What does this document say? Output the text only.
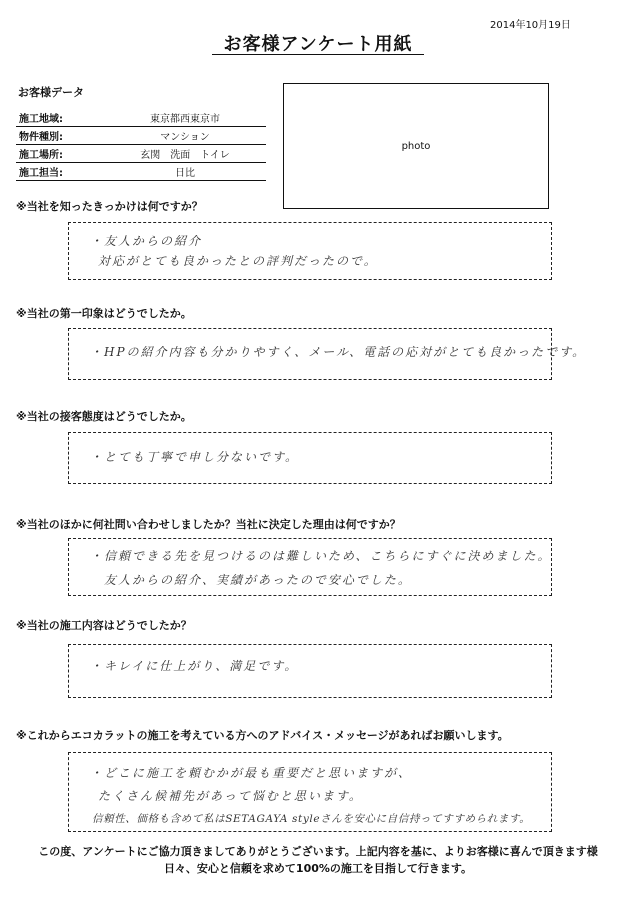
2014年10月19日
お客様アンケート用紙
お客様データ
施工地域:	東京都西東京市
物件種別:	マンション
施工場所:	玄関　洗面　トイレ
施工担当:	日比
photo
※当社を知ったきっかけは何ですか？
・友人からの紹介
対応がとても良かったとの評判だったので。
※当社の第一印象はどうでしたか。
・HPの紹介内容も分かりやすく、メール、電話の応対がとても良かったです。
※当社の接客態度はどうでしたか。
・とても丁寧で申し分ないです。
※当社のほかに何社問い合わせしましたか？当社に決定した理由は何ですか？
・信頼できる先を見つけるのは難しいため、こちらにすぐに決めました。
友人からの紹介、実績があったので安心でした。
※当社の施工内容はどうでしたか？
・キレイに仕上がり、満足です。
※これからエコカラットの施工を考えている方へのアドバイス・メッセージがあればお願いします。
・どこに施工を頼むかが最も重要だと思いますが、
たくさん候補先があって悩むと思います。
信頼性、価格も含めて私はSETAGAYA styleさんを安心に自信持ってすすめられます。
この度、アンケートにご協力頂きましてありがとうございます。上記内容を基に、よりお客様に喜んで頂きます様
日々、安心と信頼を求めて100%の施工を目指して行きます。
